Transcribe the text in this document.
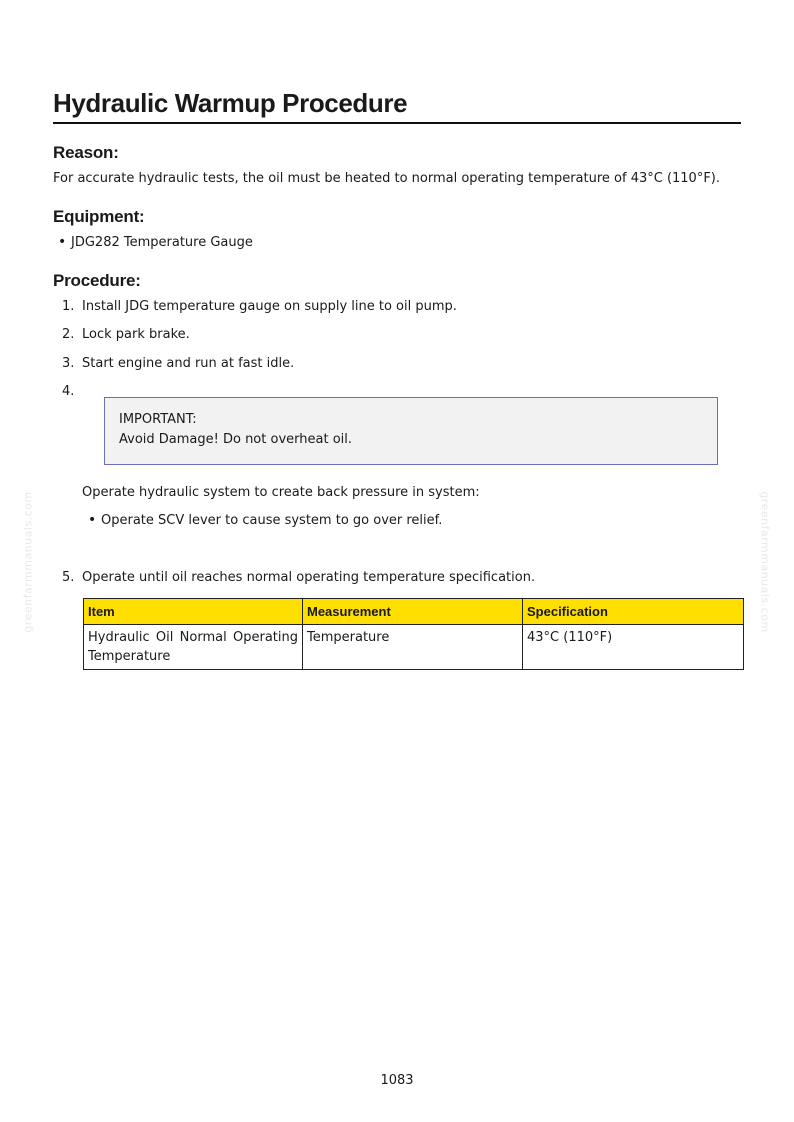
Hydraulic Warmup Procedure
Reason:
For accurate hydraulic tests, the oil must be heated to normal operating temperature of 43°C (110°F).
Equipment:
• JDG282 Temperature Gauge
Procedure:
1. Install JDG temperature gauge on supply line to oil pump.
2. Lock park brake.
3. Start engine and run at fast idle.
4.
IMPORTANT:
Avoid Damage! Do not overheat oil.
Operate hydraulic system to create back pressure in system:
• Operate SCV lever to cause system to go over relief.
5. Operate until oil reaches normal operating temperature specification.
Item	Measurement	Specification
Hydraulic Oil Normal Operating Temperature	Temperature	43°C (110°F)
greenfarmmanuals.com	greenfarmmanuals.com
1083
